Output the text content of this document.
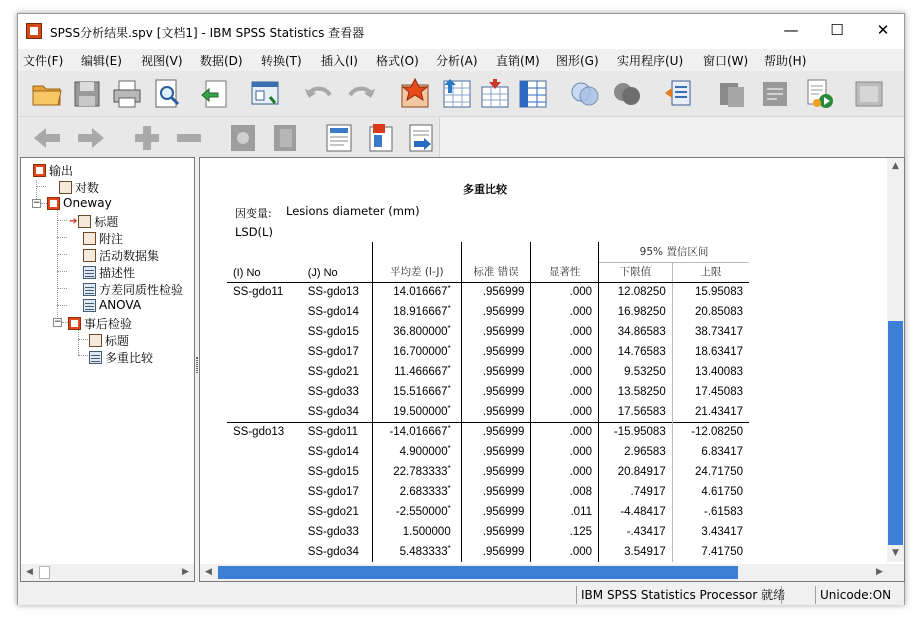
SPSS分析结果.spv [文档1] - IBM SPSS Statistics 查看器	—	☐	✕
文件(F) 编辑(E) 视图(V) 数据(D) 转换(T) 插入(I) 格式(O) 分析(A) 直销(M) 图形(G) 实用程序(U) 窗口(W) 帮助(H)
−
−
输出
对数
Oneway
➔ 标题
附注
活动数据集
描述性
方差同质性检验
ANOVA
事后检验
标题
多重比较
◀	▶
多重比较
因变量: Lesions diameter (mm)
LSD(L)
(I) No	(J) No	平均差 (I-J)	标准 错误	显著性	95% 置信区间	
					下限值	上限
SS-gdo11	SS-gdo13	14.016667*	.956999	.000	12.08250	15.95083
	SS-gdo14	18.916667*	.956999	.000	16.98250	20.85083
	SS-gdo15	36.800000*	.956999	.000	34.86583	38.73417
	SS-gdo17	16.700000*	.956999	.000	14.76583	18.63417
	SS-gdo21	11.466667*	.956999	.000	9.53250	13.40083
	SS-gdo33	15.516667*	.956999	.000	13.58250	17.45083
	SS-gdo34	19.500000*	.956999	.000	17.56583	21.43417
SS-gdo13	SS-gdo11	-14.016667*	.956999	.000	-15.95083	-12.08250
	SS-gdo14	4.900000*	.956999	.000	2.96583	6.83417
	SS-gdo15	22.783333*	.956999	.000	20.84917	24.71750
	SS-gdo17	2.683333*	.956999	.008	.74917	4.61750
	SS-gdo21	-2.550000*	.956999	.011	-4.48417	-.61583
	SS-gdo33	1.500000	.956999	.125	-.43417	3.43417
	SS-gdo34	5.483333*	.956999	.000	3.54917	7.41750
▲
▼
◀	▶
IBM SPSS Statistics Processor 就绪	Unicode:ON
